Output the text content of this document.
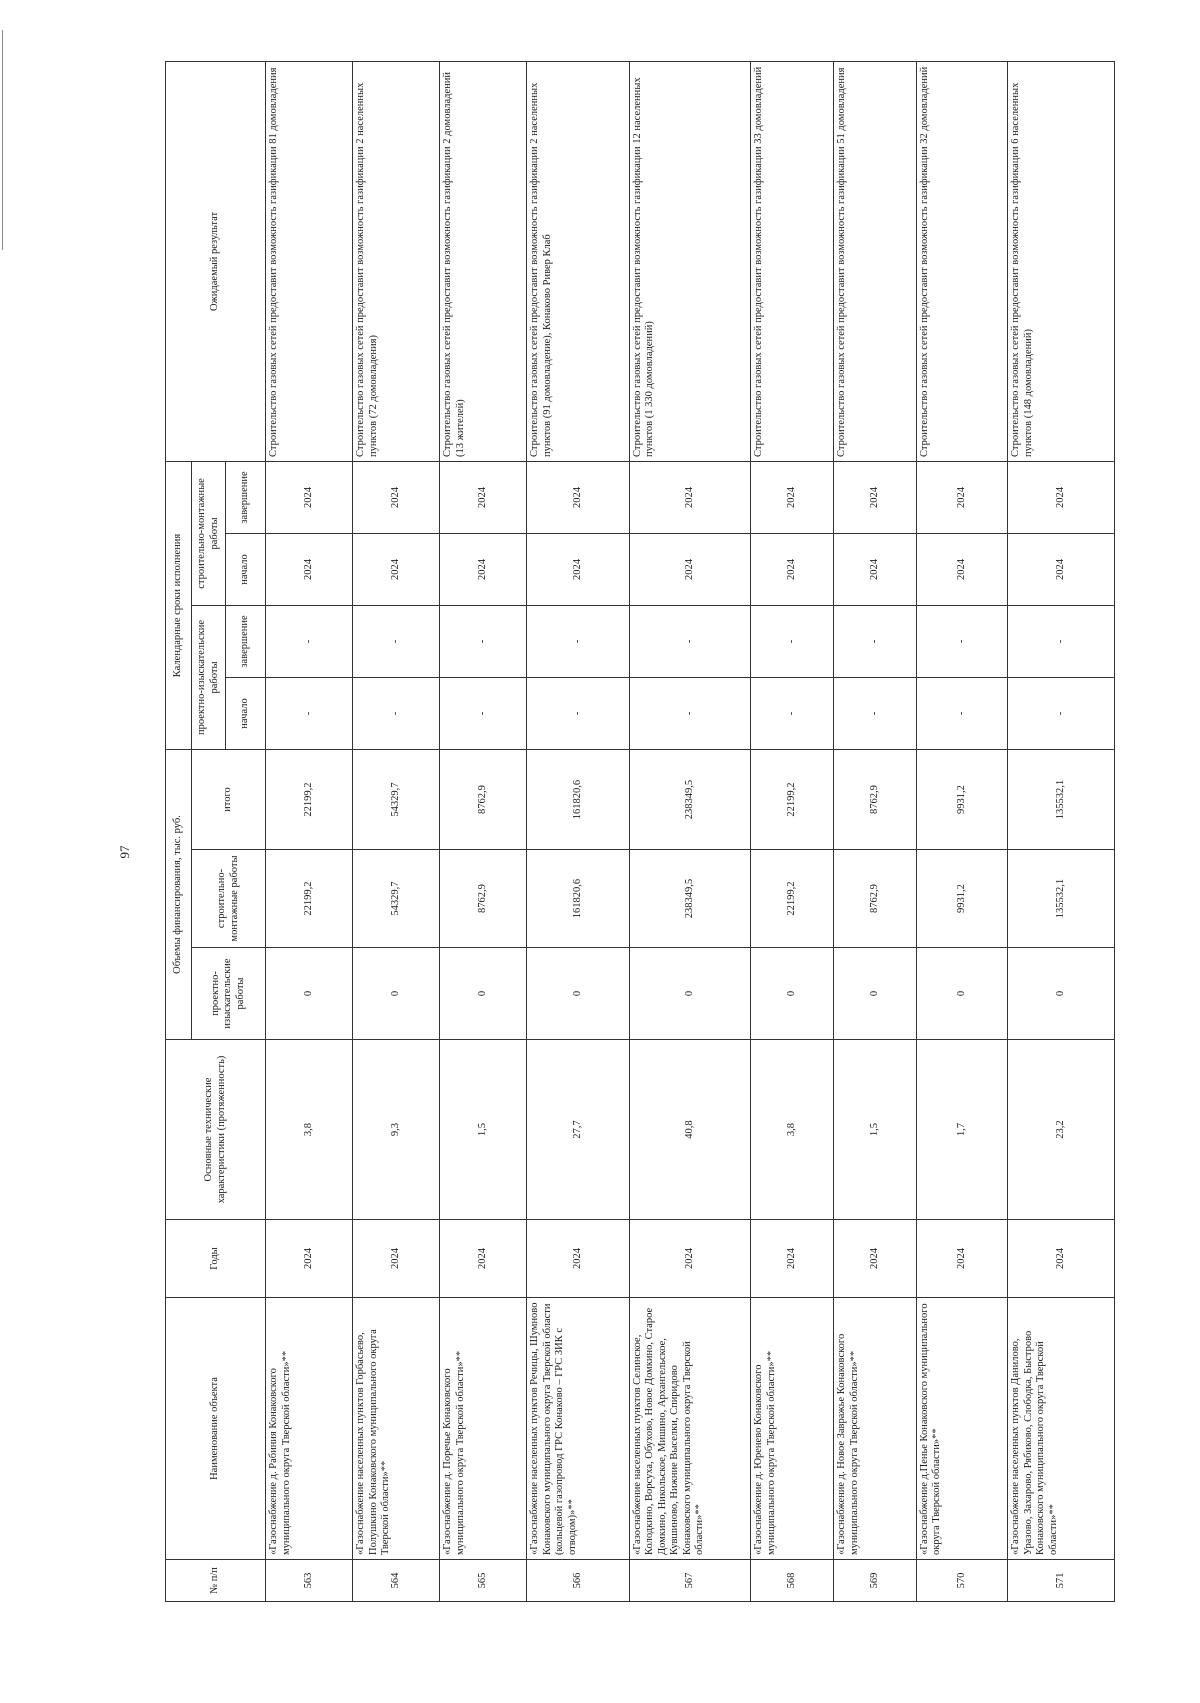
97
№ п/п	Наименование объекта	Годы	Основные технические характеристики (протяженность)	Объемы финансирования, тыс. руб.			Календарные сроки исполнения				Ожидаемый результат
				проектно-изыскательские работы	строительно-монтажные работы	итого	проектно-изыскательские работы		строительно-монтажные работы		
							начало	завершение	начало	завершение	
563	«Газоснабжение д. Рабиния Конаковского муниципального округа Тверской области»**	2024	3,8	0	22199,2	22199,2	-	-	2024	2024	Строительство газовых сетей предоставит возможность газификации 81 домовладения
564	«Газоснабжение населенных пунктов Горбасьево, Полушкино Конаковского муниципального округа Тверской области»**	2024	9,3	0	54329,7	54329,7	-	-	2024	2024	Строительство газовых сетей предоставит возможность газификации 2 населенных пунктов (72 домовладения)
565	«Газоснабжение д. Поречье Конаковского муниципального округа Тверской области»**	2024	1,5	0	8762,9	8762,9	-	-	2024	2024	Строительство газовых сетей предоставит возможность газификации 2 домовладений (13 жителей)
566	«Газоснабжение населенных пунктов Речицы, Шумново Конаковского муниципального округа Тверской области (кольцевой газопровод ГРС Конаково – ГРС ЗИК с отводом)»**	2024	27,7	0	161820,6	161820,6	-	-	2024	2024	Строительство газовых сетей предоставит возможность газификации 2 населенных пунктов (91 домовладение), Конаково Ривер Клаб
567	«Газоснабжение населенных пунктов Селинское, Колодкино, Ворсуха, Обухово, Новое Домкино, Старое Домкино, Никольское, Мишино, Архангельское, Кувшиново, Нижние Выселки, Спиридово Конаковского муниципального округа Тверской области»**	2024	40,8	0	238349,5	238349,5	-	-	2024	2024	Строительство газовых сетей предоставит возможность газификации 12 населенных пунктов (1 330 домовладений)
568	«Газоснабжение д. Юренево Конаковского муниципального округа Тверской области»**	2024	3,8	0	22199,2	22199,2	-	-	2024	2024	Строительство газовых сетей предоставит возможность газификации 33 домовладений
569	«Газоснабжение д. Новое Завражье Конаковского муниципального округа Тверской области»**	2024	1,5	0	8762,9	8762,9	-	-	2024	2024	Строительство газовых сетей предоставит возможность газификации 51 домовладения
570	«Газоснабжение д.Пенье Конаковского муниципального округа Тверской области»**	2024	1,7	0	9931,2	9931,2	-	-	2024	2024	Строительство газовых сетей предоставит возможность газификации 32 домовладений
571	«Газоснабжение населенных пунктов Данилово, Уразово, Захарово, Рябиково, Слободка, Быстрово Конаковского муниципального округа Тверской области»**	2024	23,2	0	135532,1	135532,1	-	-	2024	2024	Строительство газовых сетей предоставит возможность газификации 6 населенных пунктов (148 домовладений)
